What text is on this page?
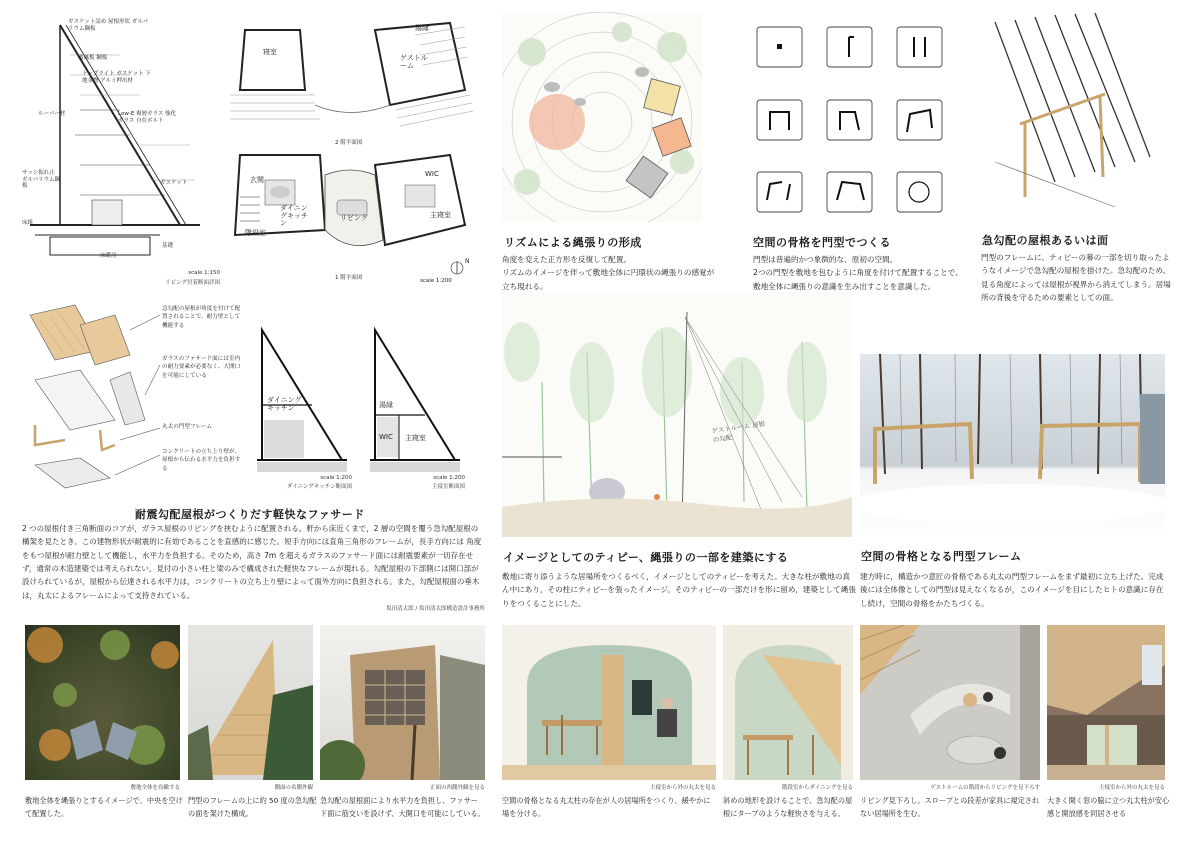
ガスケット詰め 屋根形状 ガルバリウム鋼板
破風板 鋼板
トップライト ガスケット 下地金物 アルミ押出材
ルーバー材	Low-E 複層ガラス 強化ガラス 自在ボルト
ガスケット
サッシ振れ止 ガルバリウム鋼板
床組
床暖房
基礎
scale 1:150
リビング付着断面詳図
寝室
ゲストルーム
湯縁
2 階平面図
玄関
ダイニングキッチン
リビング
WIC
主寝室
階段室
1 階平面図	scale 1:200
N
リズムによる縄張りの形成
角度を変えた正方形を反復して配置。
リズムのイメージを伴って敷地全体に円環状の縄張りの感覚が立ち現れる。
空間の骨格を門型でつくる
門型は普遍的かつ象徴的な、原初の空間。
2つの門型を敷地を包むように角度を付けて配置することで、敷地全体に縄張りの意識を生み出すことを意識した。
急勾配の屋根あるいは面
門型のフレームに、ティピーの幕の一部を切り取ったようなイメージで急勾配の屋根を掛けた。急勾配のため、見る角度によっては屋根が視界から消えてしまう。居場所の背後を守るための要素としての面。
急勾配の屋根が角度を付けて配置されることで、耐力壁として機能する
ガラスのファサード面には室内の耐力要素が必要なく、大開口を可能にしている
丸太の門型フレーム
コンクリートの立ち上り壁が、屋根から伝わる水平力を負担する
ダイニングキッチン
scale 1:200
ダイニングキッチン断面図
湯縁
WIC 主寝室
scale 1:200
主寝室断面図
耐震勾配屋根がつくりだす軽快なファサード
2 つの屋根付き三角断面のコアが，ガラス屋根のリビングを挟むように配置される。軒から床近くまで，2 層の空間を覆う急勾配屋根の構架を見たとき。この建物形状が耐震的に有効であることを直感的に感じた。短手方向には直角三角形のフレームが，長手方向には 角度をもつ屋根が耐力壁として機能し，水平力を負担する。そのため，高さ 7m を超えるガラスのファサード面には耐震要素が一切存在せず，通常の木造建築では考えられない，見付の小さい柱と梁のみで構成された軽快なフレームが現れる。勾配屋根の下部側には開口部が設けられているが，屋根から伝達される水平力は，コンクリートの立ち上り壁によって面外方向に負担される。また，勾配屋根面の垂木は，丸太によるフレームによって支持されている。
坂田清太郎 / 坂田清太郎構造設計事務所
ゲストルーム 屋根の勾配
イメージとしてのティピー、縄張りの一部を建築にする
敷地に寄り添うような居場所をつくるべく，イメージとしてのティピーを考えた。大きな柱が敷地の真ん中にあり，その柱にティピーを張ったイメージ。そのティピーの一部だけを形に留め，建築として縄張りをつくることにした。
空間の骨格となる門型フレーム
建方時に，構造かつ意匠の骨格である丸太の門型フレームをまず最初に立ち上げた。完成後には全体像としての門型は見えなくなるが，このイメージを目にしたヒトの意識に存在し続け，空間の骨格をかたちづくる。
敷地全体を鳥瞰する
敷地全体を縄張りとするイメージで、中央を空けて配置した。
側面の名側外観
門型のフレームの上に約 50 度の急勾配の面を架けた構成。
正面の西側外観を見る
急勾配の屋根面により水平力を負担し、ファサード面に筋交いを設けず、大開口を可能にしている。
主寝室から外の丸太を見る
空間の骨格となる丸太柱の存在が人の居場所をつくり、緩やかに場を分ける。
階段室からダイニングを見る
斜めの地形を設けることで、急勾配の屋根にタープのような軽快さを与える。
ゲストルームの階段からリビングを見下ろす
リビング見下ろし。スロープとの段差が家具に規定されない居場所を生む。
主寝室から外の丸太を見る
大きく開く窓の脇に立つ丸太柱が安心感と開放感を同居させる
